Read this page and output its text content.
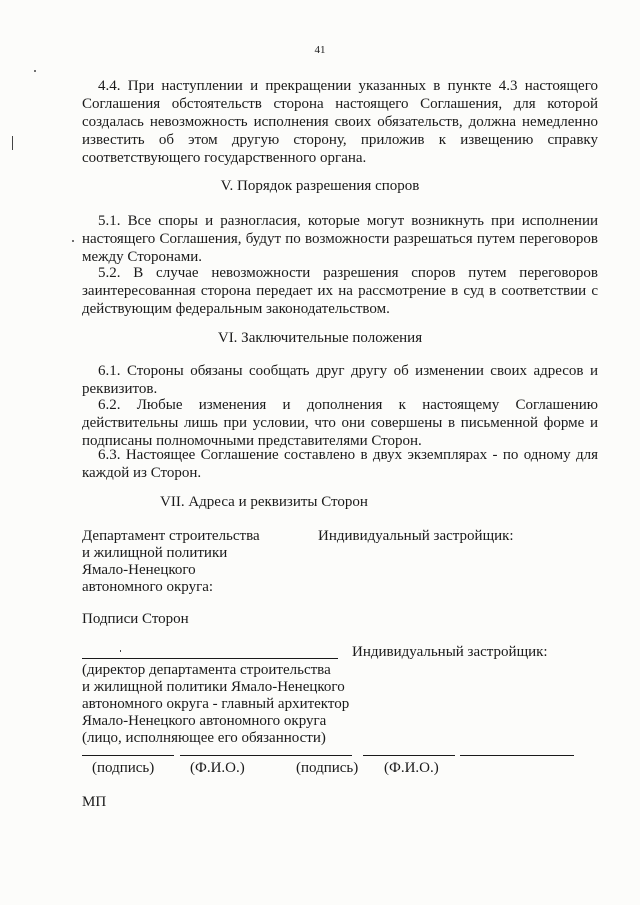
41
4.4. При наступлении и прекращении указанных в пункте 4.3 настоящего Соглашения обстоятельств сторона настоящего Соглашения, для которой создалась невозможность исполнения своих обязательств, должна немедленно известить об этом другую сторону, приложив к извещению справку соответствующего государственного органа.
V. Порядок разрешения споров
5.1. Все споры и разногласия, которые могут возникнуть при исполнении настоящего Соглашения, будут по возможности разрешаться путем переговоров между Сторонами.
5.2. В случае невозможности разрешения споров путем переговоров заинтересованная сторона передает их на рассмотрение в суд в соответствии с действующим федеральным законодательством.
VI. Заключительные положения
6.1. Стороны обязаны сообщать друг другу об изменении своих адресов и реквизитов.
6.2. Любые изменения и дополнения к настоящему Соглашению действительны лишь при условии, что они совершены в письменной форме и подписаны полномочными представителями Сторон.
6.3. Настоящее Соглашение составлено в двух экземплярах - по одному для каждой из Сторон.
VII. Адреса и реквизиты Сторон
Департамент строительства
и жилищной политики
Ямало-Ненецкого
автономного округа:
Индивидуальный застройщик:
Подписи Сторон
Индивидуальный застройщик:
(директор департамента строительства
и жилищной политики Ямало-Ненецкого
автономного округа - главный архитектор
Ямало-Ненецкого автономного округа
(лицо, исполняющее его обязанности)
(подпись) (Ф.И.О.)	(подпись) (Ф.И.О.)
МП
